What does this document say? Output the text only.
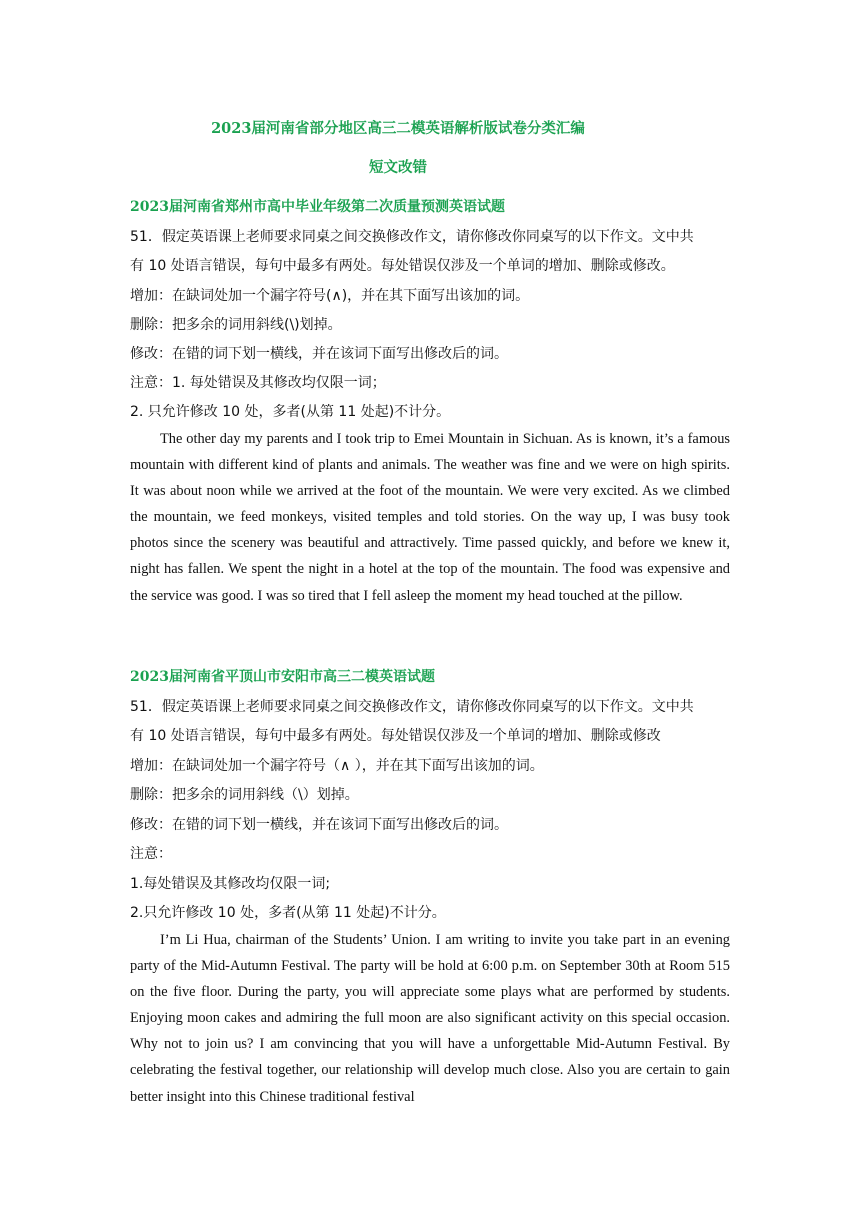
2023届河南省部分地区高三二模英语解析版试卷分类汇编
短文改错
2023届河南省郑州市高中毕业年级第二次质量预测英语试题
51．假定英语课上老师要求同桌之间交换修改作文，请你修改你同桌写的以下作文。文中共
有 10 处语言错误，每句中最多有两处。每处错误仅涉及一个单词的增加、删除或修改。
增加：在缺词处加一个漏字符号(∧)，并在其下面写出该加的词。
删除：把多余的词用斜线(\)划掉。
修改：在错的词下划一横线，并在该词下面写出修改后的词。
注意：1. 每处错误及其修改均仅限一词；
2. 只允许修改 10 处，多者(从第 11 处起)不计分。
The other day my parents and I took trip to Emei Mountain in Sichuan. As is known, it’s a famous mountain with different kind of plants and animals. The weather was fine and we were on high spirits. It was about noon while we arrived at the foot of the mountain. We were very excited. As we climbed the mountain, we feed monkeys, visited temples and told stories. On the way up, I was busy took photos since the scenery was beautiful and attractively. Time passed quickly, and before we knew it, night has fallen. We spent the night in a hotel at the top of the mountain. The food was expensive and the service was good. I was so tired that I fell asleep the moment my head touched at the pillow.
2023届河南省平顶山市安阳市高三二模英语试题
51．假定英语课上老师要求同桌之间交换修改作文，请你修改你同桌写的以下作文。文中共
有 10 处语言错误，每句中最多有两处。每处错误仅涉及一个单词的增加、删除或修改
增加：在缺词处加一个漏字符号（∧ ），并在其下面写出该加的词。
删除：把多余的词用斜线（\）划掉。
修改：在错的词下划一横线，并在该词下面写出修改后的词。
注意：
1.每处错误及其修改均仅限一词;
2.只允许修改 10 处，多者(从第 11 处起)不计分。
I’m Li Hua, chairman of the Students’ Union. I am writing to invite you take part in an evening party of the Mid-Autumn Festival. The party will be hold at 6:00 p.m. on September 30th at Room 515 on the five floor. During the party, you will appreciate some plays what are performed by students. Enjoying moon cakes and admiring the full moon are also significant activity on this special occasion. Why not to join us? I am convincing that you will have a unforgettable Mid-Autumn Festival. By celebrating the festival together, our relationship will develop much close. Also you are certain to gain better insight into this Chinese traditional festival
